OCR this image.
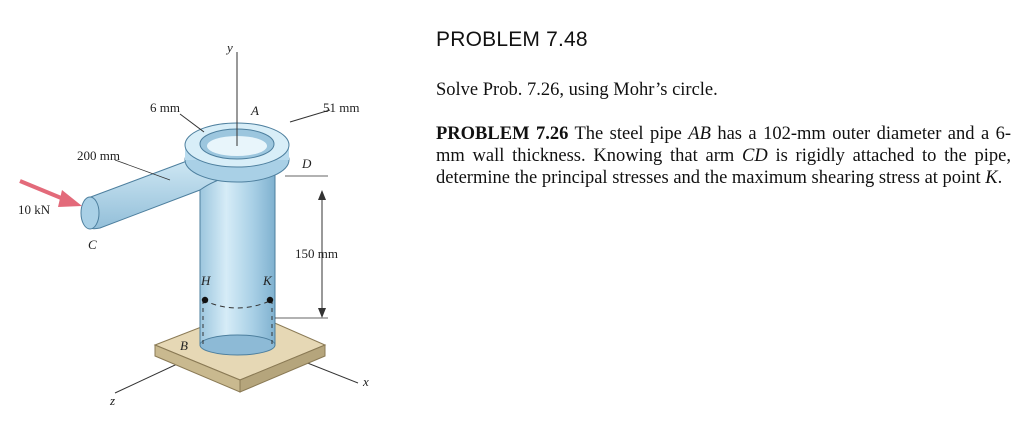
y
z
x
A
B
C
D
H	K
6 mm
200 mm
51 mm
150 mm
10 kN
PROBLEM 7.48

Solve Prob. 7.26, using Mohr’s circle.

PROBLEM 7.26 The steel pipe AB has a 102-mm outer diameter and a 6-mm wall thickness. Knowing that arm CD is rigidly attached to the pipe, determine the principal stresses and the maximum shearing stress at point K.
